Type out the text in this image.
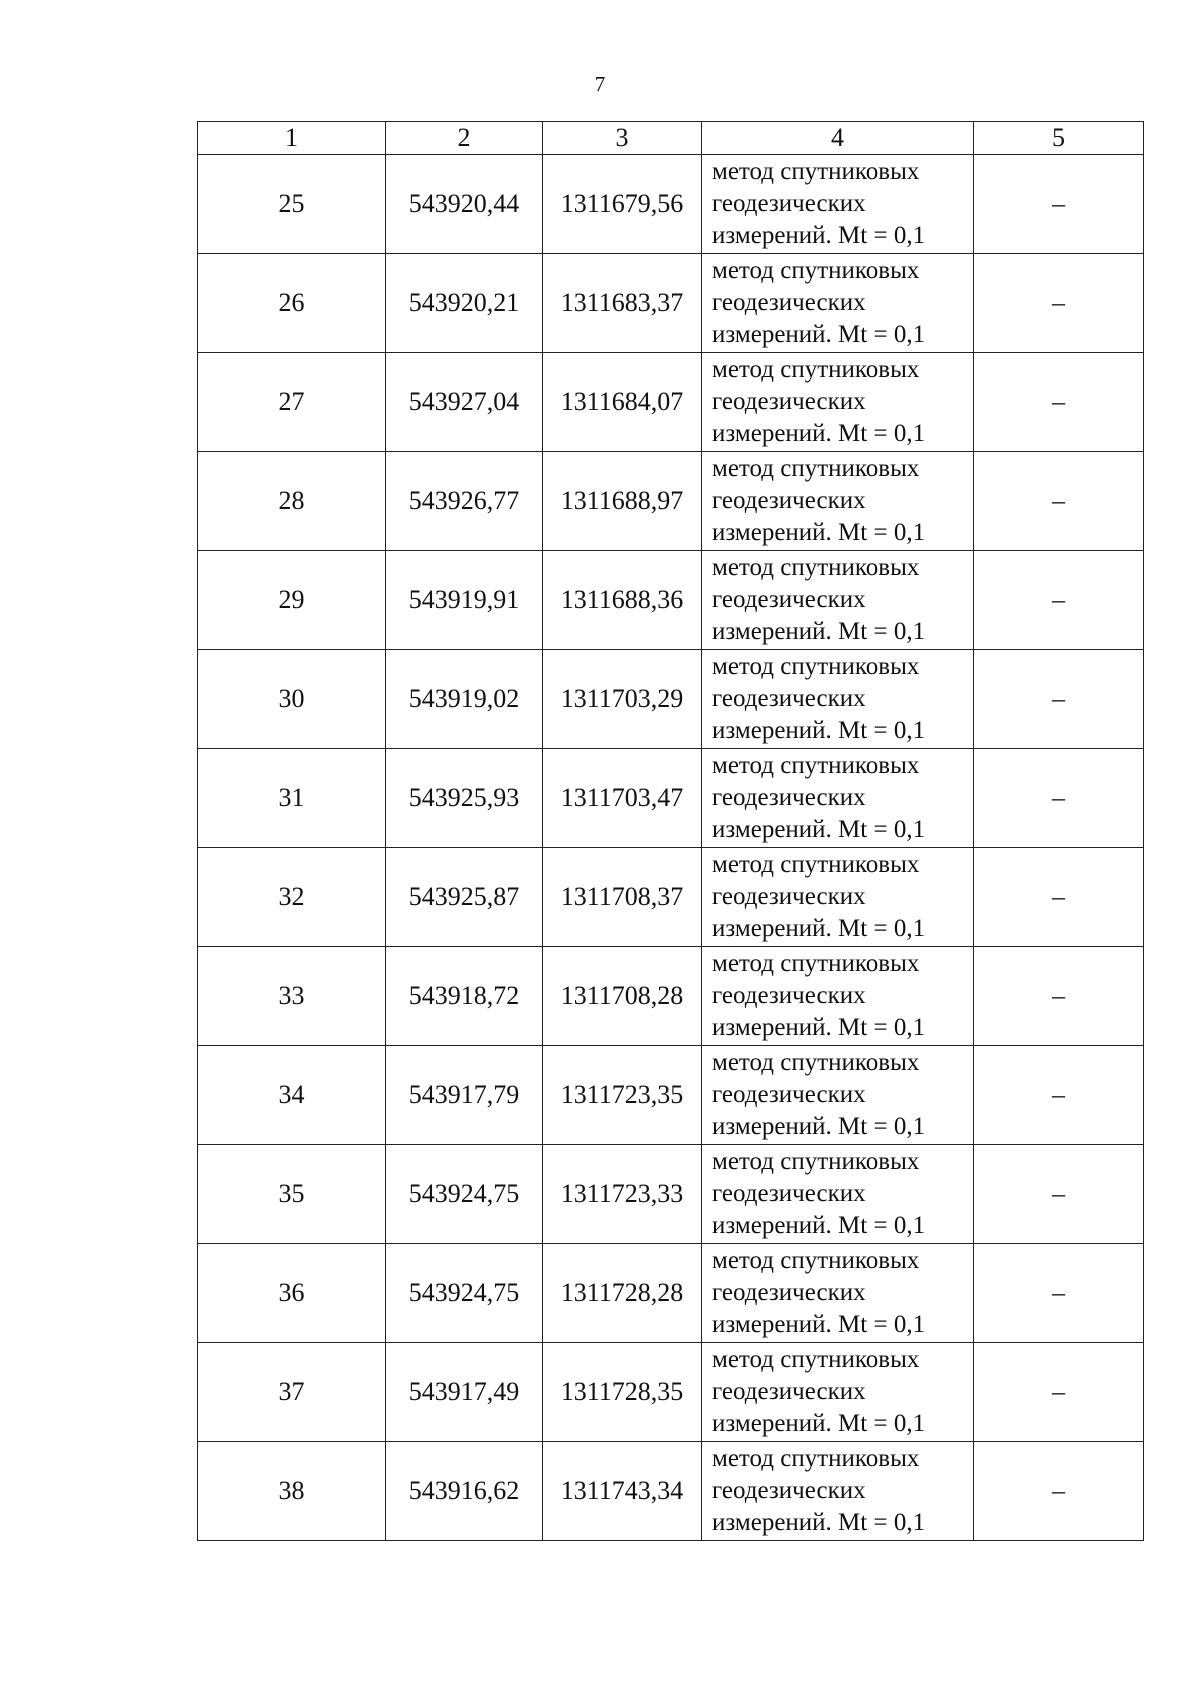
7
1	2	3	4	5
25	543920,44	1311679,56	метод спутниковых
геодезических
измерений. Mt = 0,1	–
26	543920,21	1311683,37	метод спутниковых
геодезических
измерений. Mt = 0,1	–
27	543927,04	1311684,07	метод спутниковых
геодезических
измерений. Mt = 0,1	–
28	543926,77	1311688,97	метод спутниковых
геодезических
измерений. Mt = 0,1	–
29	543919,91	1311688,36	метод спутниковых
геодезических
измерений. Mt = 0,1	–
30	543919,02	1311703,29	метод спутниковых
геодезических
измерений. Mt = 0,1	–
31	543925,93	1311703,47	метод спутниковых
геодезических
измерений. Mt = 0,1	–
32	543925,87	1311708,37	метод спутниковых
геодезических
измерений. Mt = 0,1	–
33	543918,72	1311708,28	метод спутниковых
геодезических
измерений. Mt = 0,1	–
34	543917,79	1311723,35	метод спутниковых
геодезических
измерений. Mt = 0,1	–
35	543924,75	1311723,33	метод спутниковых
геодезических
измерений. Mt = 0,1	–
36	543924,75	1311728,28	метод спутниковых
геодезических
измерений. Mt = 0,1	–
37	543917,49	1311728,35	метод спутниковых
геодезических
измерений. Mt = 0,1	–
38	543916,62	1311743,34	метод спутниковых
геодезических
измерений. Mt = 0,1	–
